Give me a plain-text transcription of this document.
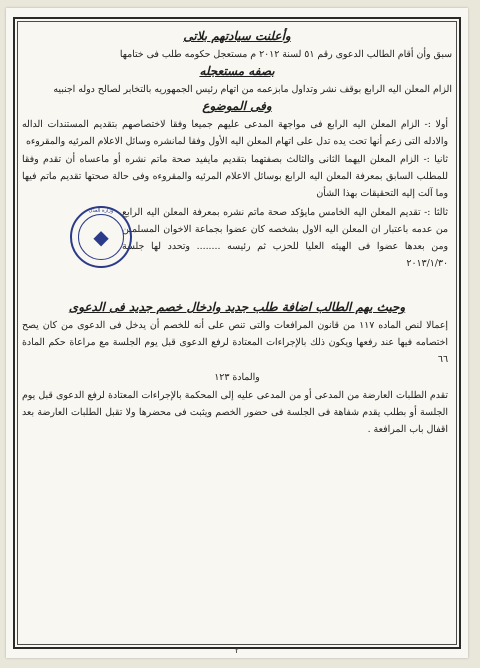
وأعلنت سيادتهم بلاتى
سبق وأن أقام الطالب الدعوى رقم ٥١ لسنة ٢٠١٢ م مستعجل حكومه طلب فى ختامها
بصفه مستعجله
الزام المعلن اليه الرابع بوقف نشر وتداول مابزعمه من اتهام رئيس الجمهوريه بالتخابر لصالح دوله اجنبيه
وفى الموضوع
أولا :- الزام المعلن اليه الرابع فى مواجهة المدعى عليهم جميعا وفقا لاختصاصهم بتقديم المستندات الداله والادله التى زعم أنها تحت يده تدل على اتهام المعلن اليه الأول وفقا لمانشره وسائل الاعلام المرئيه والمقروءه
ثانيا :- الزام المعلن اليهما الثانى والثالث بصفتهما بتقديم مايفيد صحة ماتم نشره أو ماعساه أن تقدم وفقا للمطلب السابق بمعرفة المعلن اليه الرابع بوسائل الاعلام المرئيه والمقروءه وفى حالة صحتها تقديم ماتم فيها وما آلت إليه التحقيقات بهذا الشأن
ثالثا :- تقديم المعلن اليه الخامس مايؤكد صحة ماتم نشره بمعرفة المعلن اليه الرابع من عدمه باعتبار ان المعلن اليه الاول بشخصه كان عضوا بجماعة الاخوان المسلمين ومن بعدها عضوا فى الهيئه العليا للحزب ثم رئيسه ........ وتحدد لها جلسة ٢٠١٣/١/٣٠
وزارة العدل
◆
وحيث يهم الطالب اضافة طلب جديد وادخال خصم جديد فى الدعوى
إعمالا لنص الماده ١١٧ من قانون المرافعات والتى تنص على أنه للخصم أن يدخل فى الدعوى من كان يصح اختصامه فيها عند رفعها ويكون ذلك بالإجراءات المعتادة لرفع الدعوى قبل يوم الجلسة مع مراعاة حكم المادة ٦٦
والمادة ١٢٣
تقدم الطلبات العارضة من المدعى أو من المدعى عليه إلى المحكمة بالإجراءات المعتادة لرفع الدعوى قبل يوم الجلسة أو بطلب يقدم شفاهة فى الجلسة فى حضور الخصم ويثبت فى محضرها ولا تقبل الطلبات العارضة بعد اقفال باب المرافعة .
٢
